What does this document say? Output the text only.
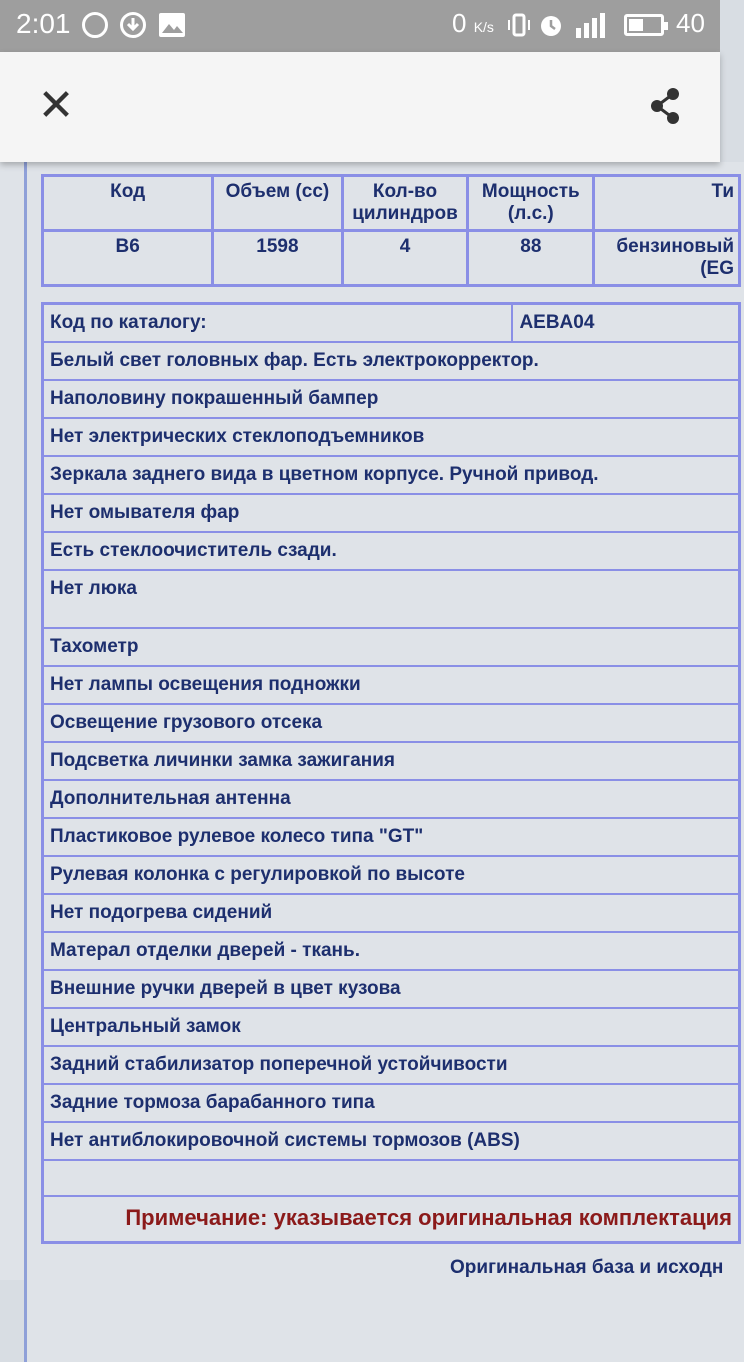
2:01	0 K/s	40
✕
Код	Объем (cc)	Кол-во цилиндров	Мощность (л.с.)	Ти
B6	1598	4	88	бензиновый (EG
Код по каталогу:	AEBA04
Белый свет головных фар. Есть электрокорректор.
Наполовину покрашенный бампер
Нет электрических стеклоподъемников
Зеркала заднего вида в цветном корпусе. Ручной привод.
Нет омывателя фар
Есть стеклоочиститель сзади.
Нет люка
Тахометр
Нет лампы освещения подножки
Освещение грузового отсека
Подсветка личинки замка зажигания
Дополнительная антенна
Пластиковое рулевое колесо типа "GT"
Рулевая колонка с регулировкой по высоте
Нет подогрева сидений
Матерал отделки дверей - ткань.
Внешние ручки дверей в цвет кузова
Центральный замок
Задний стабилизатор поперечной устойчивости
Задние тормоза барабанного типа
Нет антиблокировочной системы тормозов (ABS)

Примечание: указывается оригинальная комплектация
Оригинальная база и исходн
